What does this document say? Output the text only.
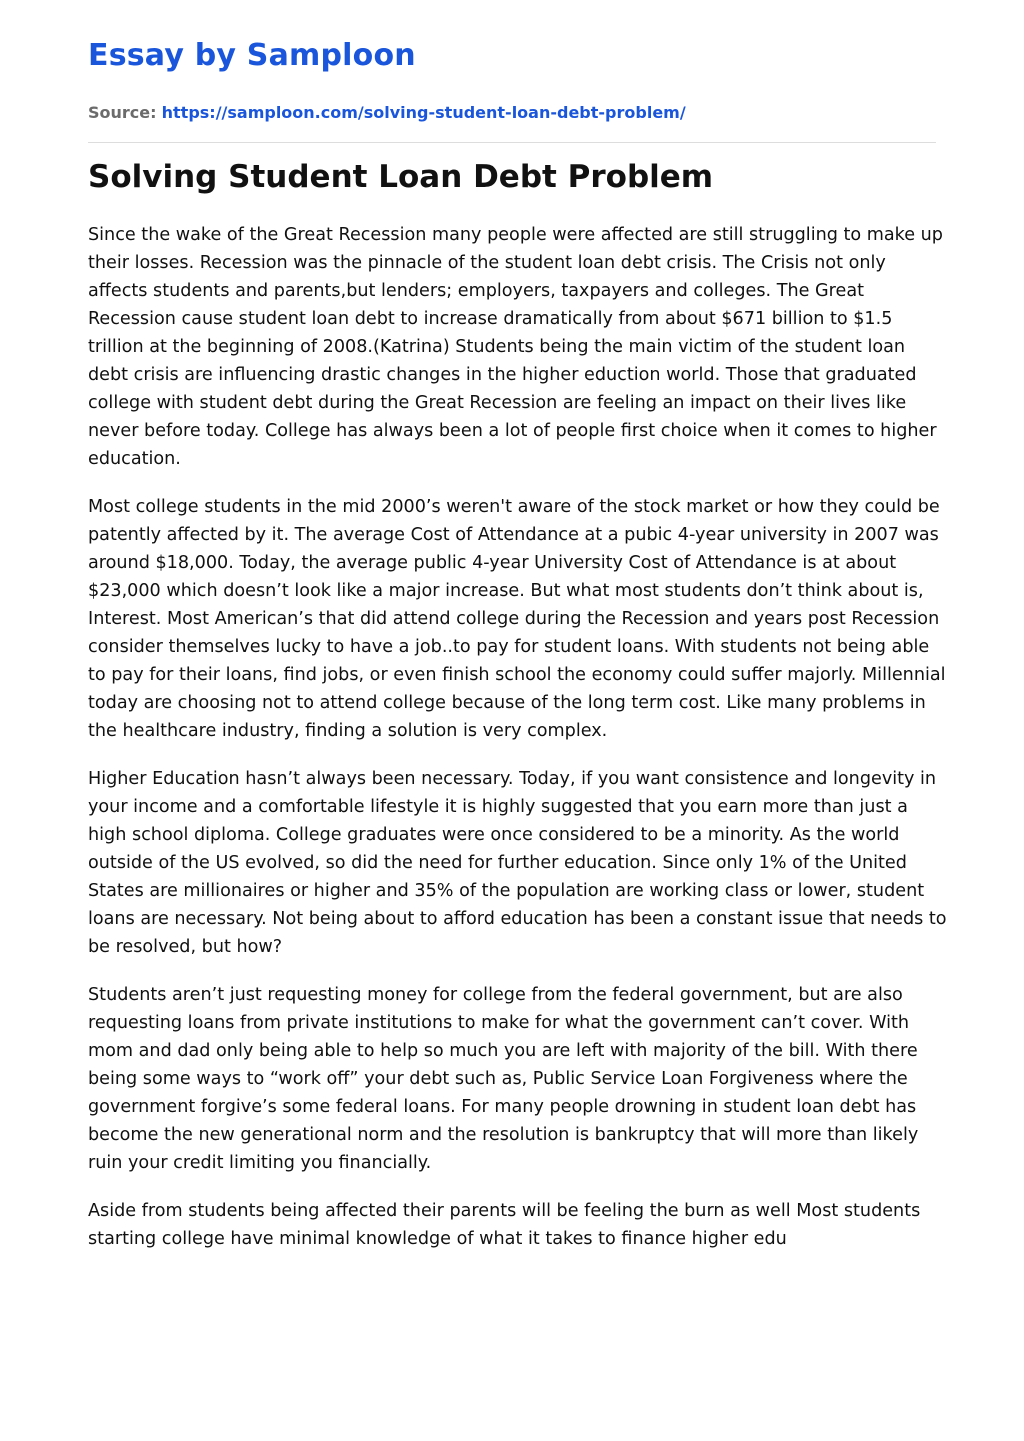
Essay by Samploon
Source: https://samploon.com/solving-student-loan-debt-problem/
Solving Student Loan Debt Problem

Since the wake of the Great Recession many people were affected are still struggling to make up their losses. Recession was the pinnacle of the student loan debt crisis. The Crisis not only affects students and parents,but lenders; employers, taxpayers and colleges. The Great Recession cause student loan debt to increase dramatically from about $671 billion to $1.5 trillion at the beginning of 2008.(Katrina) Students being the main victim of the student loan debt crisis are influencing drastic changes in the higher eduction world. Those that graduated college with student debt during the Great Recession are feeling an impact on their lives like never before today. College has always been a lot of people first choice when it comes to higher education.

Most college students in the mid 2000’s weren't aware of the stock market or how they could be patently affected by it. The average Cost of Attendance at a pubic 4-year university in 2007 was around $18,000. Today, the average public 4-year University Cost of Attendance is at about $23,000 which doesn’t look like a major increase. But what most students don’t think about is, Interest. Most American’s that did attend college during the Recession and years post Recession consider themselves lucky to have a job..to pay for student loans. With students not being able to pay for their loans, find jobs, or even finish school the economy could suffer majorly. Millennial today are choosing not to attend college because of the long term cost. Like many problems in the healthcare industry, finding a solution is very complex.

Higher Education hasn’t always been necessary. Today, if you want consistence and longevity in your income and a comfortable lifestyle it is highly suggested that you earn more than just a high school diploma. College graduates were once considered to be a minority. As the world outside of the US evolved, so did the need for further education. Since only 1% of the United States are millionaires or higher and 35% of the population are working class or lower, student loans are necessary. Not being about to afford education has been a constant issue that needs to be resolved, but how?

Students aren’t just requesting money for college from the federal government, but are also requesting loans from private institutions to make for what the government can’t cover. With mom and dad only being able to help so much you are left with majority of the bill. With there being some ways to “work off” your debt such as, Public Service Loan Forgiveness where the government forgive’s some federal loans. For many people drowning in student loan debt has become the new generational norm and the resolution is bankruptcy that will more than likely ruin your credit limiting you financially.

Aside from students being affected their parents will be feeling the burn as well Most students starting college have minimal knowledge of what it takes to finance higher edu
